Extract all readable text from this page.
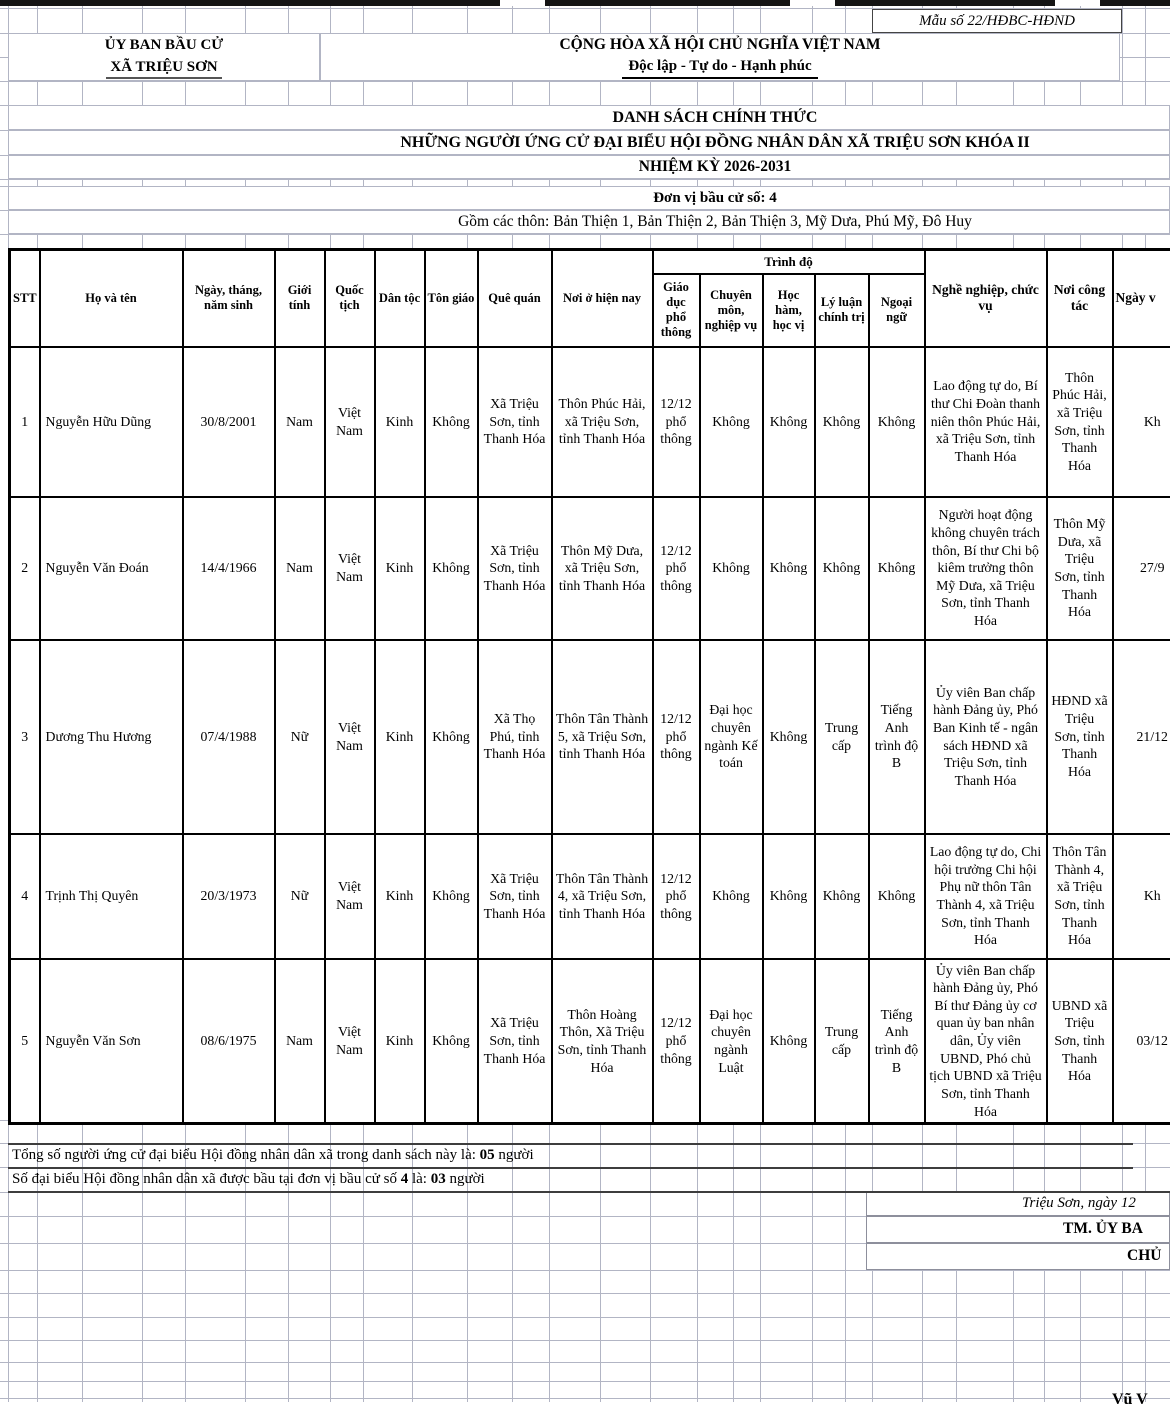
Mẫu số 22/HĐBC-HĐND
ỦY BAN BẦU CỬ
XÃ TRIỆU SƠN
CỘNG HÒA XÃ HỘI CHỦ NGHĨA VIỆT NAM
Độc lập - Tự do - Hạnh phúc
DANH SÁCH CHÍNH THỨC
NHỮNG NGƯỜI ỨNG CỬ ĐẠI BIỂU HỘI ĐỒNG NHÂN DÂN XÃ TRIỆU SƠN KHÓA II
NHIỆM KỲ 2026-2031
Đơn vị bầu cử số: 4
Gồm các thôn: Bản Thiện 1, Bản Thiện 2, Bản Thiện 3, Mỹ Dưa, Phú Mỹ, Đô Huy
STT	Họ và tên	Ngày, tháng, năm sinh	Giới tính	Quốc tịch	Dân tộc	Tôn giáo	Quê quán	Nơi ở hiện nay	Trình độ					Nghề nghiệp, chức vụ	Nơi công tác	Ngày v
									Giáo dục phổ thông	Chuyên môn, nghiệp vụ	Học hàm, học vị	Lý luận chính trị	Ngoại ngữ			
1	Nguyễn Hữu Dũng	30/8/2001	Nam	Việt Nam	Kinh	Không	Xã Triệu Sơn, tỉnh Thanh Hóa	Thôn Phúc Hải, xã Triệu Sơn, tỉnh Thanh Hóa	12/12 phổ thông	Không	Không	Không	Không	Lao động tự do, Bí thư Chi Đoàn thanh niên thôn Phúc Hải, xã Triệu Sơn, tỉnh Thanh Hóa	Thôn Phúc Hải, xã Triệu Sơn, tỉnh Thanh Hóa	Kh
2	Nguyễn Văn Đoán	14/4/1966	Nam	Việt Nam	Kinh	Không	Xã Triệu Sơn, tỉnh Thanh Hóa	Thôn Mỹ Dưa, xã Triệu Sơn, tỉnh Thanh Hóa	12/12 phổ thông	Không	Không	Không	Không	Người hoạt động không chuyên trách thôn, Bí thư Chi bộ kiêm trưởng thôn Mỹ Dưa, xã Triệu Sơn, tỉnh Thanh Hóa	Thôn Mỹ Dưa, xã Triệu Sơn, tỉnh Thanh Hóa	27/9
3	Dương Thu Hương	07/4/1988	Nữ	Việt Nam	Kinh	Không	Xã Thọ Phú, tỉnh Thanh Hóa	Thôn Tân Thành 5, xã Triệu Sơn, tỉnh Thanh Hóa	12/12 phổ thông	Đại học chuyên ngành Kế toán	Không	Trung cấp	Tiếng Anh trình độ B	Ủy viên Ban chấp hành Đảng ủy, Phó Ban Kinh tế - ngân sách HĐND xã Triệu Sơn, tỉnh Thanh Hóa	HĐND xã Triệu Sơn, tỉnh Thanh Hóa	21/12
4	Trịnh Thị Quyên	20/3/1973	Nữ	Việt Nam	Kinh	Không	Xã Triệu Sơn, tỉnh Thanh Hóa	Thôn Tân Thành 4, xã Triệu Sơn, tỉnh Thanh Hóa	12/12 phổ thông	Không	Không	Không	Không	Lao động tự do, Chi hội trưởng Chi hội Phụ nữ thôn Tân Thành 4, xã Triệu Sơn, tỉnh Thanh Hóa	Thôn Tân Thành 4, xã Triệu Sơn, tỉnh Thanh Hóa	Kh
5	Nguyễn Văn Sơn	08/6/1975	Nam	Việt Nam	Kinh	Không	Xã Triệu Sơn, tỉnh Thanh Hóa	Thôn Hoàng Thôn, Xã Triệu Sơn, tỉnh Thanh Hóa	12/12 phổ thông	Đại học chuyên ngành Luật	Không	Trung cấp	Tiếng Anh trình độ B	Ủy viên Ban chấp hành Đảng ủy, Phó Bí thư Đảng ủy cơ quan ủy ban nhân dân, Ủy viên UBND, Phó chủ tịch UBND xã Triệu Sơn, tỉnh Thanh Hóa	UBND xã Triệu Sơn, tỉnh Thanh Hóa	03/12
Tổng số người ứng cử đại biểu Hội đồng nhân dân xã trong danh sách này là: 05 người
Số đại biểu Hội đồng nhân dân xã được bầu tại đơn vị bầu cử số 4 là: 03 người
Triệu Sơn, ngày 12
TM. ỦY BA
CHỦ
Vũ V
